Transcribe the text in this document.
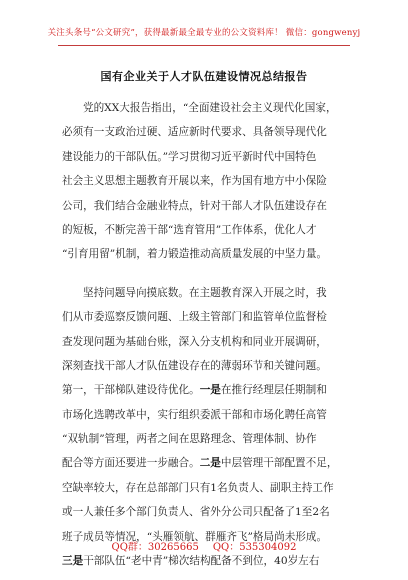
关注头条号“公文研究”，获得最新最全最专业的公文资料库！ 微信：gongwenyj
国有企业关于人才队伍建设情况总结报告
党的XX大报告指出，“全面建设社会主义现代化国家，
必须有一支政治过硬、适应新时代要求、具备领导现代化
建设能力的干部队伍。”学习贯彻习近平新时代中国特色
社会主义思想主题教育开展以来，作为国有地方中小保险
公司，我们结合金融业特点，针对干部人才队伍建设存在
的短板，不断完善干部“选育管用”工作体系，优化人才
“引育用留”机制，着力锻造推动高质量发展的中坚力量。
坚持问题导向摸底数。在主题教育深入开展之时，我
们从市委巡察反馈问题、上级主管部门和监管单位监督检
查发现问题为基础台账，深入分支机构和同业开展调研，
深刻查找干部人才队伍建设存在的薄弱环节和关键问题。
第一，干部梯队建设待优化。一是在推行经理层任期制和
市场化选聘改革中，实行组织委派干部和市场化聘任高管
“双轨制”管理，两者之间在思路理念、管理体制、协作
配合等方面还要进一步融合。二是中层管理干部配置不足，
空缺率较大，存在总部部门只有1名负责人、副职主持工作
或一人兼任多个部门负责人、省外分公司只配备了1至2名
班子成员等情况，“头雁领航、群雁齐飞”格局尚未形成。
三是干部队伍“老中青”梯次结构配备不到位，40岁左右
QQ群：30265665 QQ：535304092
